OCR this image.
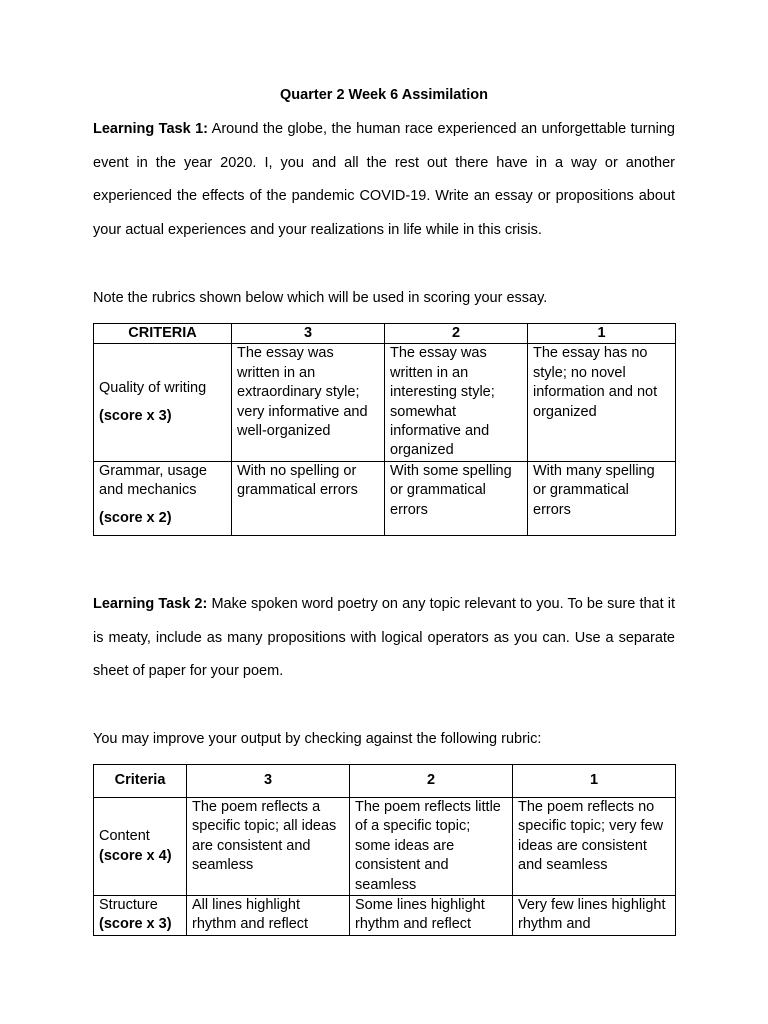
Quarter 2 Week 6 Assimilation
Learning Task 1: Around the globe, the human race experienced an unforgettable turning event in the year 2020. I, you and all the rest out there have in a way or another experienced the effects of the pandemic COVID-19. Write an essay or propositions about your actual experiences and your realizations in life while in this crisis.
Note the rubrics shown below which will be used in scoring your essay.
CRITERIA	3	2	1

Quality of writing
(score x 3)	The essay was written in an extraordinary style; very informative and well-organized	The essay was written in an interesting style; somewhat informative and organized	The essay has no style; no novel information and not organized

Grammar, usage and mechanics
(score x 2)	With no spelling or grammatical errors	With some spelling or grammatical errors	With many spelling or grammatical errors
Learning Task 2: Make spoken word poetry on any topic relevant to you. To be sure that it is meaty, include as many propositions with logical operators as you can. Use a separate sheet of paper for your poem.
You may improve your output by checking against the following rubric:
Criteria	3	2	1

Content
(score x 4)	The poem reflects a specific topic; all ideas are consistent and seamless	The poem reflects little of a specific topic; some ideas are consistent and seamless	The poem reflects no specific topic; very few ideas are consistent and seamless

Structure
(score x 3)	All lines highlight rhythm and reflect	Some lines highlight rhythm and reflect	Very few lines highlight rhythm and
